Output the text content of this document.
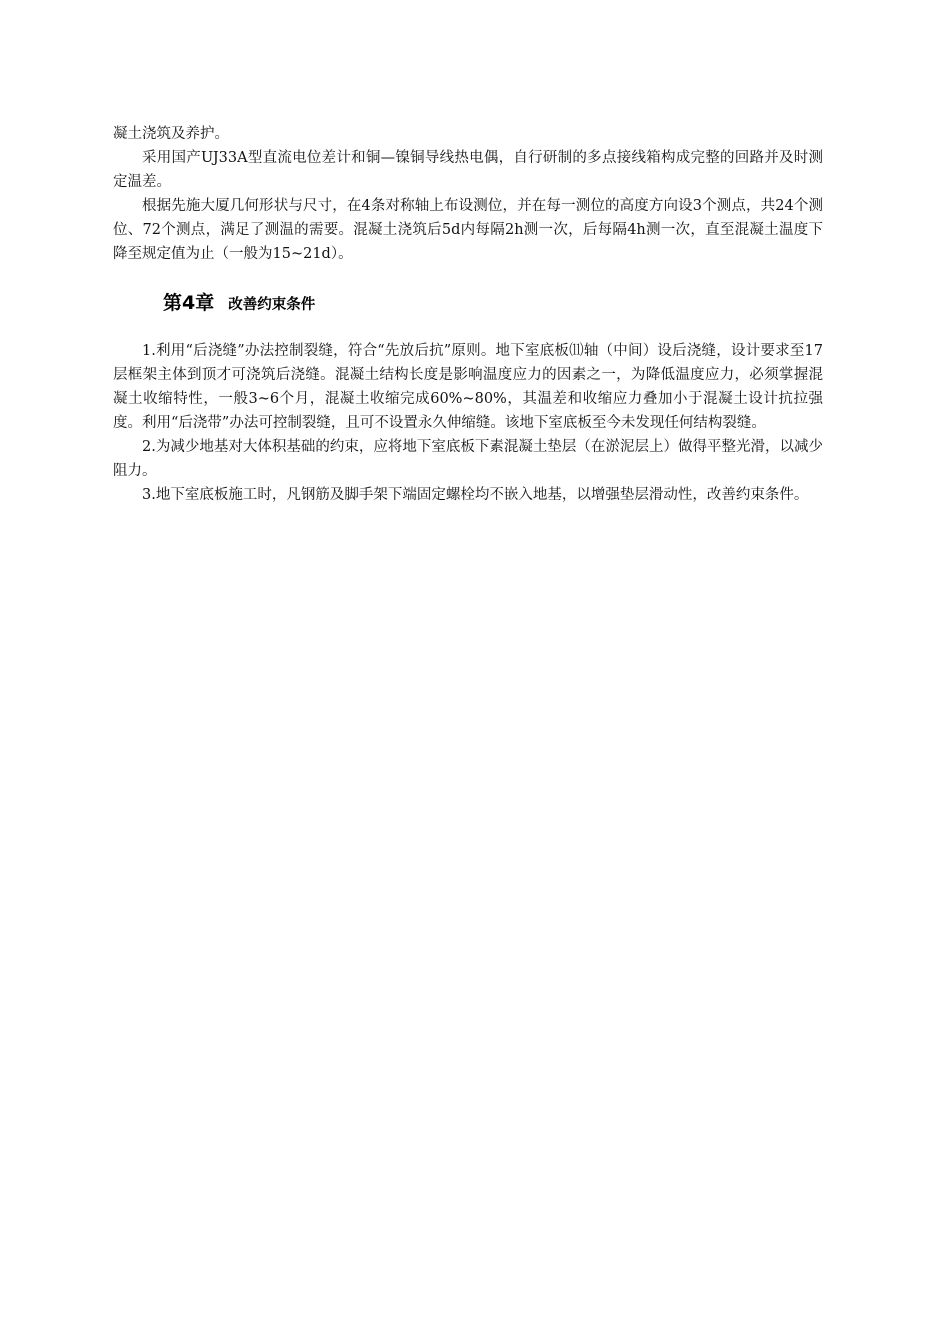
凝土浇筑及养护。

采用国产UJ33A型直流电位差计和铜—镍铜导线热电偶，自行研制的多点接线箱构成完整的回路并及时测定温差。

根据先施大厦几何形状与尺寸，在4条对称轴上布设测位，并在每一测位的高度方向设3个测点，共24个测位、72个测点，满足了测温的需要。混凝土浇筑后5d内每隔2h测一次，后每隔4h测一次，直至混凝土温度下降至规定值为止（一般为15~21d）。

第4章 改善约束条件

1.利用“后浇缝”办法控制裂缝，符合“先放后抗”原则。地下室底板⑾轴（中间）设后浇缝，设计要求至17层框架主体到顶才可浇筑后浇缝。混凝土结构长度是影响温度应力的因素之一，为降低温度应力，必须掌握混凝土收缩特性，一般3~6个月，混凝土收缩完成60%~80%，其温差和收缩应力叠加小于混凝土设计抗拉强度。利用“后浇带”办法可控制裂缝，且可不设置永久伸缩缝。该地下室底板至今未发现任何结构裂缝。

2.为减少地基对大体积基础的约束，应将地下室底板下素混凝土垫层（在淤泥层上）做得平整光滑，以减少阻力。

3.地下室底板施工时，凡钢筋及脚手架下端固定螺栓均不嵌入地基，以增强垫层滑动性，改善约束条件。
